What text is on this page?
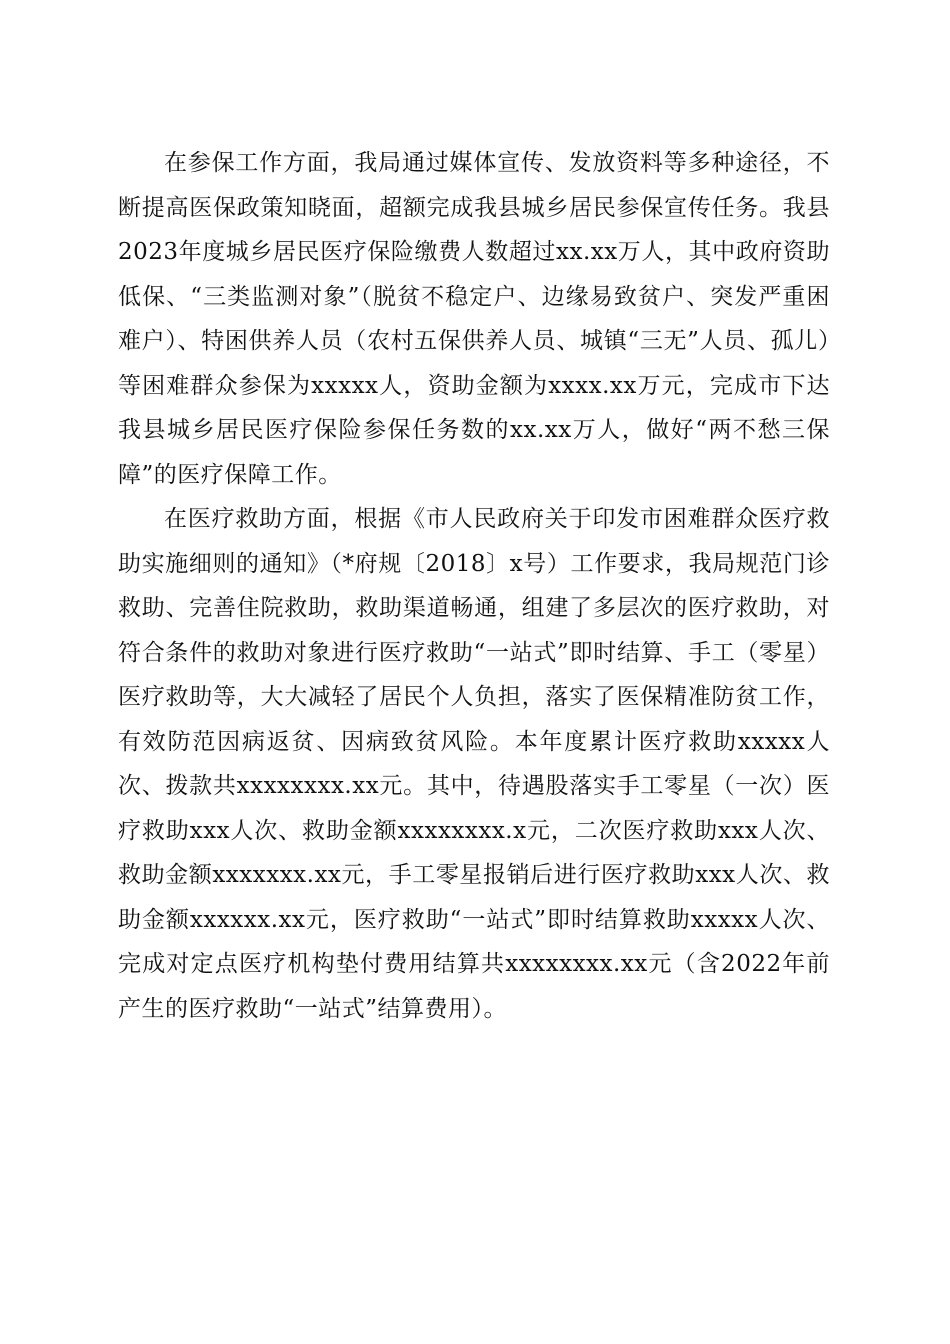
在参保工作方面，我局通过媒体宣传、发放资料等多种途径，不断提高医保政策知晓面，超额完成我县城乡居民参保宣传任务。我县2023年度城乡居民医疗保险缴费人数超过xx.xx万人，其中政府资助低保、“三类监测对象”（脱贫不稳定户、边缘易致贫户、突发严重困难户）、特困供养人员（农村五保供养人员、城镇“三无”人员、孤儿）等困难群众参保为xxxxx人，资助金额为xxxx.xx万元，完成市下达我县城乡居民医疗保险参保任务数的xx.xx万人，做好“两不愁三保障”的医疗保障工作。

在医疗救助方面，根据《市人民政府关于印发市困难群众医疗救助实施细则的通知》（*府规〔2018〕x号）工作要求，我局规范门诊救助、完善住院救助，救助渠道畅通，组建了多层次的医疗救助，对符合条件的救助对象进行医疗救助“一站式”即时结算、手工（零星）医疗救助等，大大减轻了居民个人负担，落实了医保精准防贫工作，有效防范因病返贫、因病致贫风险。本年度累计医疗救助xxxxx人次、拨款共xxxxxxxx.xx元。其中，待遇股落实手工零星（一次）医疗救助xxx人次、救助金额xxxxxxxx.x元，二次医疗救助xxx人次、救助金额xxxxxxx.xx元，手工零星报销后进行医疗救助xxx人次、救助金额xxxxxx.xx元，医疗救助“一站式”即时结算救助xxxxx人次、完成对定点医疗机构垫付费用结算共xxxxxxxx.xx元（含2022年前产生的医疗救助“一站式”结算费用）。
